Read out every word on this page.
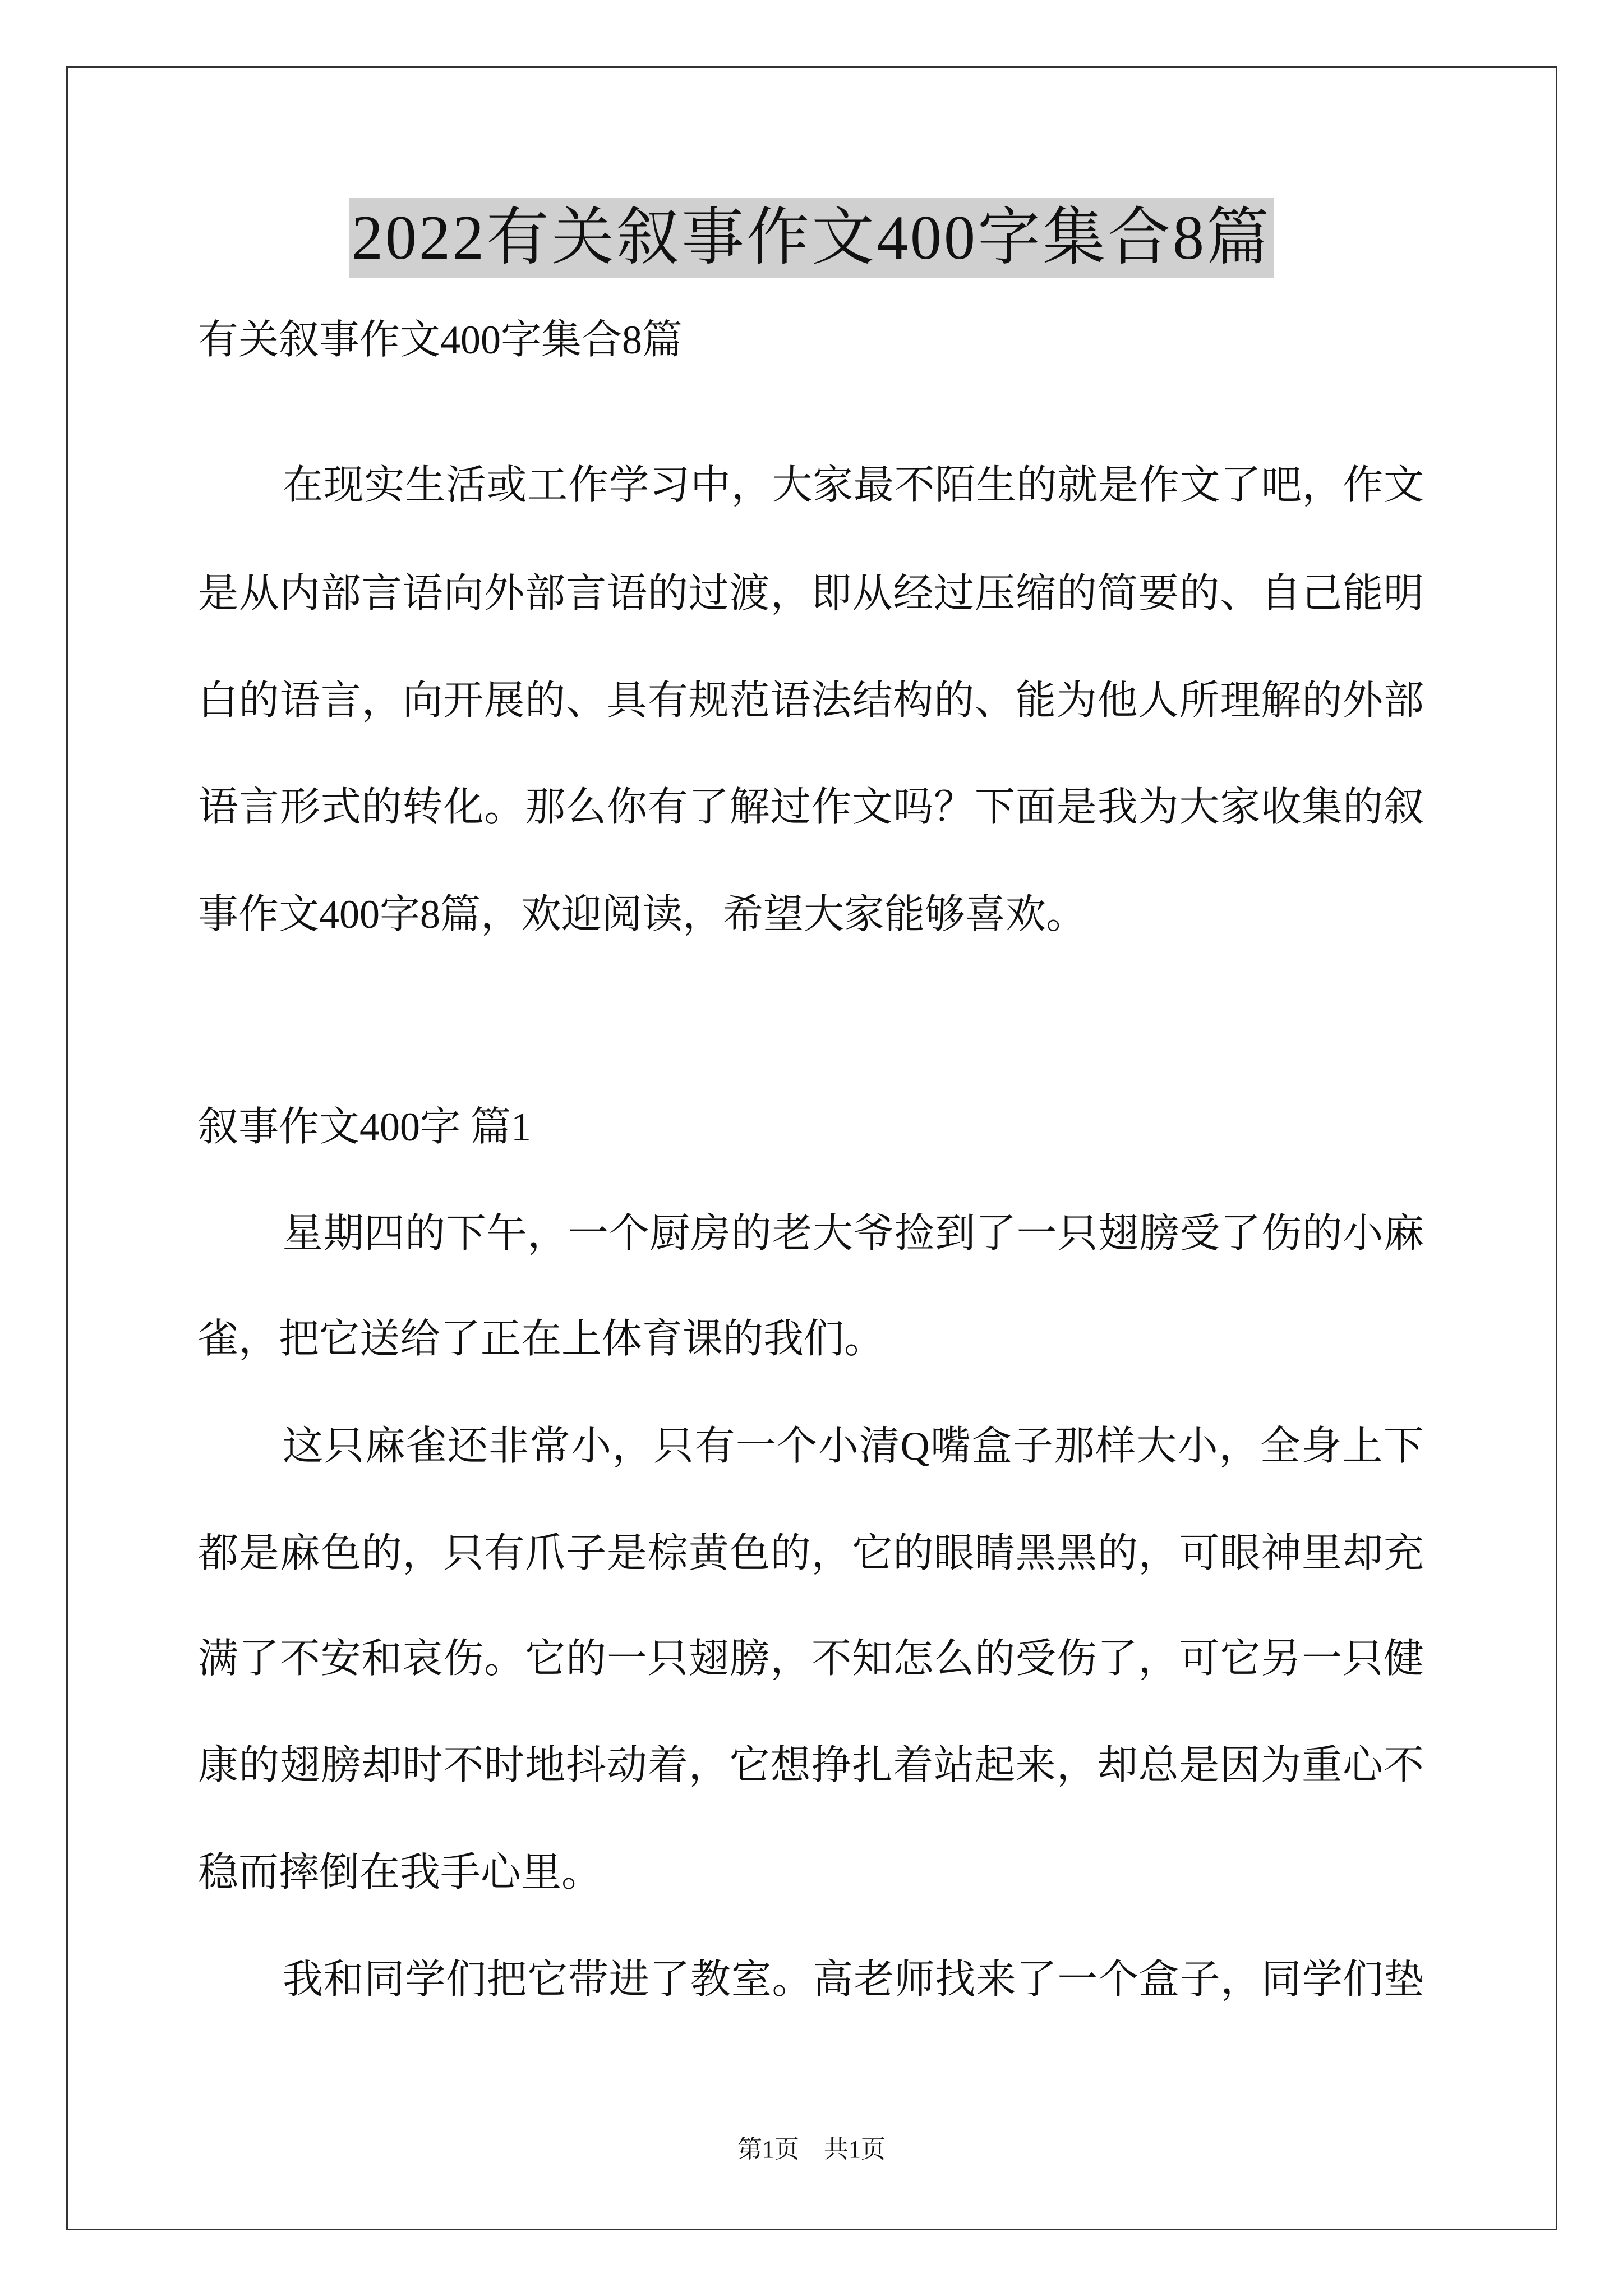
2022有关叙事作文400字集合8篇
有关叙事作文400字集合8篇
在现实生活或工作学习中，大家最不陌生的就是作文了吧，作文
是从内部言语向外部言语的过渡，即从经过压缩的简要的、自己能明
白的语言，向开展的、具有规范语法结构的、能为他人所理解的外部
语言形式的转化。那么你有了解过作文吗？下面是我为大家收集的叙
事作文400字8篇，欢迎阅读，希望大家能够喜欢。
叙事作文400字 篇1
星期四的下午，一个厨房的老大爷捡到了一只翅膀受了伤的小麻
雀，把它送给了正在上体育课的我们。
这只麻雀还非常小，只有一个小清Q嘴盒子那样大小，全身上下
都是麻色的，只有爪子是棕黄色的，它的眼睛黑黑的，可眼神里却充
满了不安和哀伤。它的一只翅膀，不知怎么的受伤了，可它另一只健
康的翅膀却时不时地抖动着，它想挣扎着站起来，却总是因为重心不
稳而摔倒在我手心里。
我和同学们把它带进了教室。高老师找来了一个盒子，同学们垫
第1页 共1页
